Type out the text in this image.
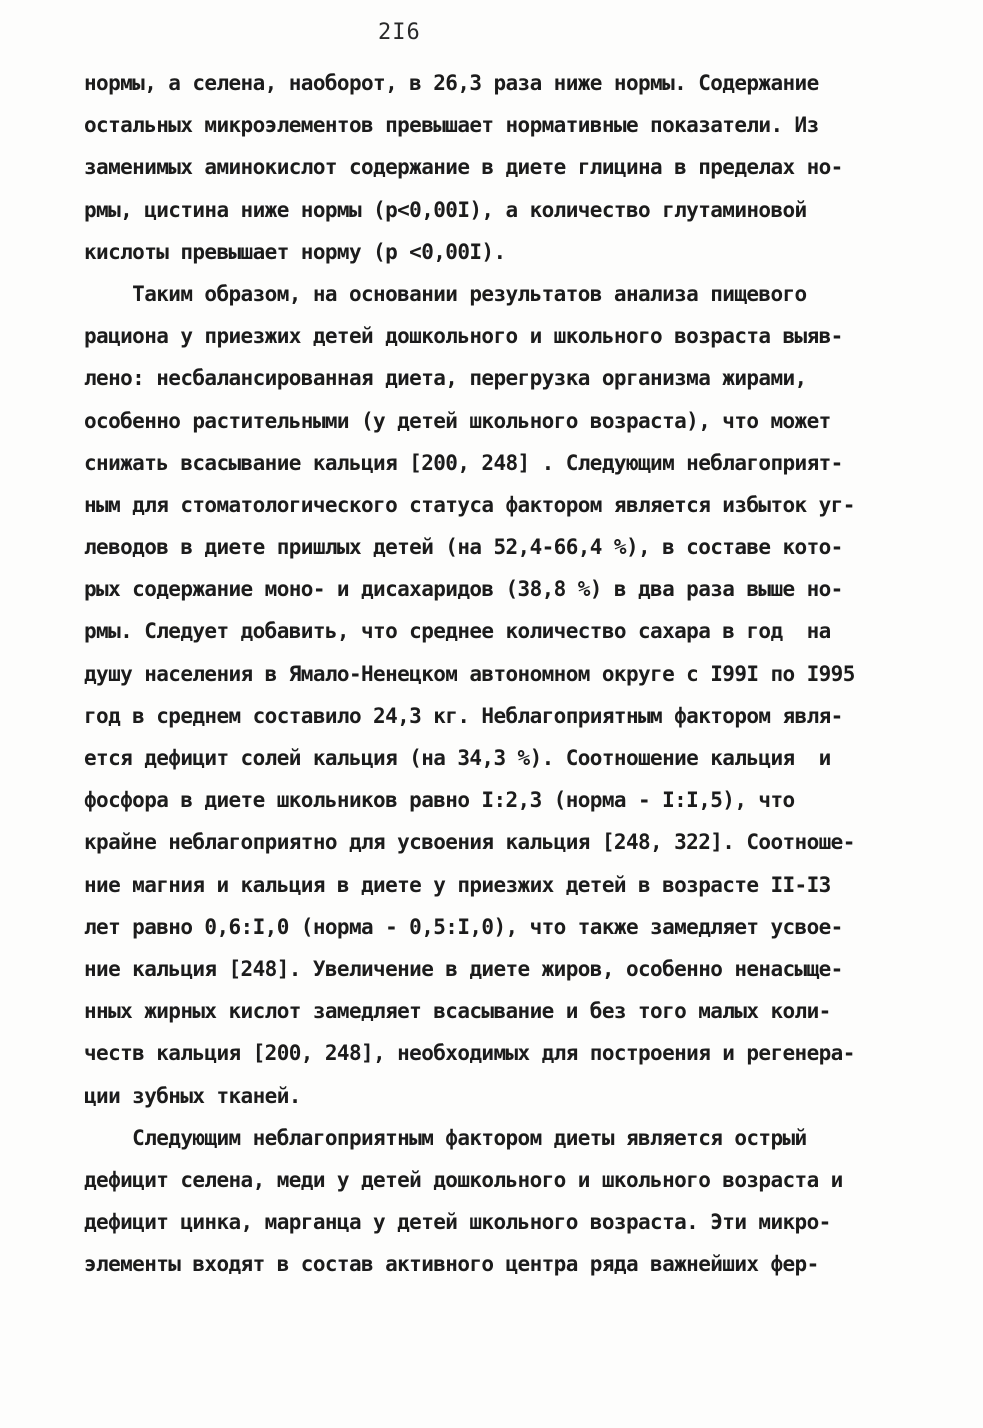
2I6
нормы, а селена, наоборот, в 26,3 раза ниже нормы. Содержание
остальных микроэлементов превышает нормативные показатели. Из
заменимых аминокислот содержание в диете глицина в пределах но-
рмы, цистина ниже нормы (p<0,00I), а количество глутаминовой
кислоты превышает норму (p <0,00I).
Таким образом, на основании результатов анализа пищевого
рациона у приезжих детей дошкольного и школьного возраста выяв-
лено: несбалансированная диета, перегрузка организма жирами,
особенно растительными (у детей школьного возраста), что может
снижать всасывание кальция [200, 248] . Следующим неблагоприят-
ным для стоматологического статуса фактором является избыток уг-
леводов в диете пришлых детей (на 52,4-66,4 %), в составе кото-
рых содержание моно- и дисахаридов (38,8 %) в два раза выше но-
рмы. Следует добавить, что среднее количество сахара в год  на
душу населения в Ямало-Ненецком автономном округе с I99I по I995
год в среднем составило 24,3 кг. Неблагоприятным фактором явля-
ется дефицит солей кальция (на 34,3 %). Соотношение кальция  и
фосфора в диете школьников равно I:2,3 (норма - I:I,5), что
крайне неблагоприятно для усвоения кальция [248, 322]. Соотноше-
ние магния и кальция в диете у приезжих детей в возрасте II-I3
лет равно 0,6:I,0 (норма - 0,5:I,0), что также замедляет усвое-
ние кальция [248]. Увеличение в диете жиров, особенно ненасыще-
нных жирных кислот замедляет всасывание и без того малых коли-
честв кальция [200, 248], необходимых для построения и регенера-
ции зубных тканей.
Следующим неблагоприятным фактором диеты является острый
дефицит селена, меди у детей дошкольного и школьного возраста и
дефицит цинка, марганца у детей школьного возраста. Эти микро-
элементы входят в состав активного центра ряда важнейших фер-
